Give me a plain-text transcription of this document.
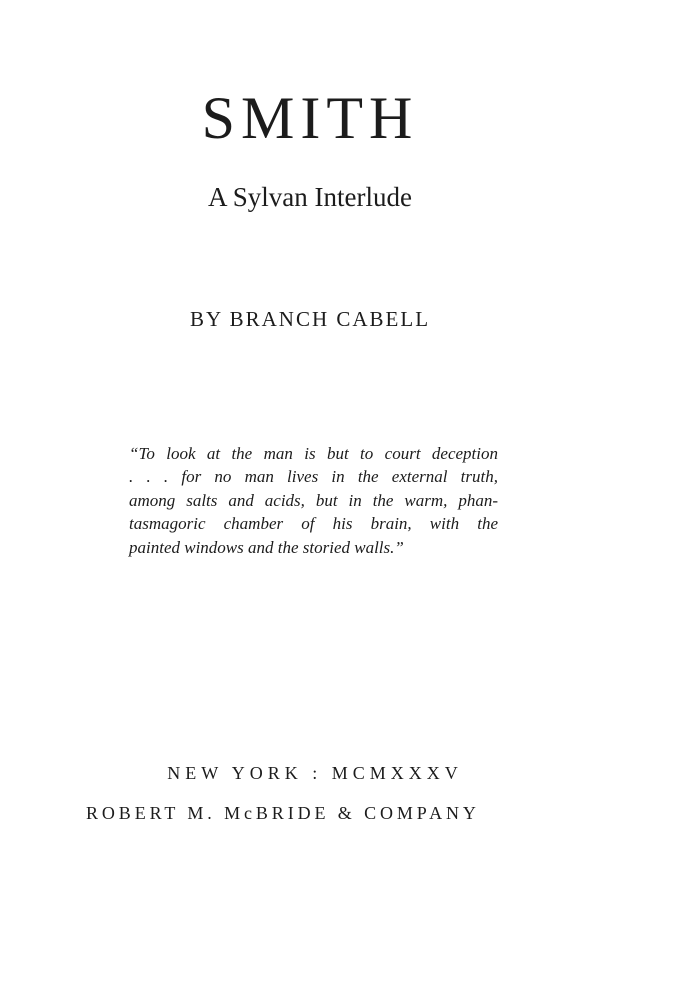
SMITH
A Sylvan Interlude
BY BRANCH CABELL

“To look at the man is but to court deception
. . . for no man lives in the external truth,
among salts and acids, but in the warm, phan-
tasmagoric chamber of his brain, with the
painted windows and the storied walls.”

NEW YORK : MCMXXXV
ROBERT M. McBRIDE & COMPANY
